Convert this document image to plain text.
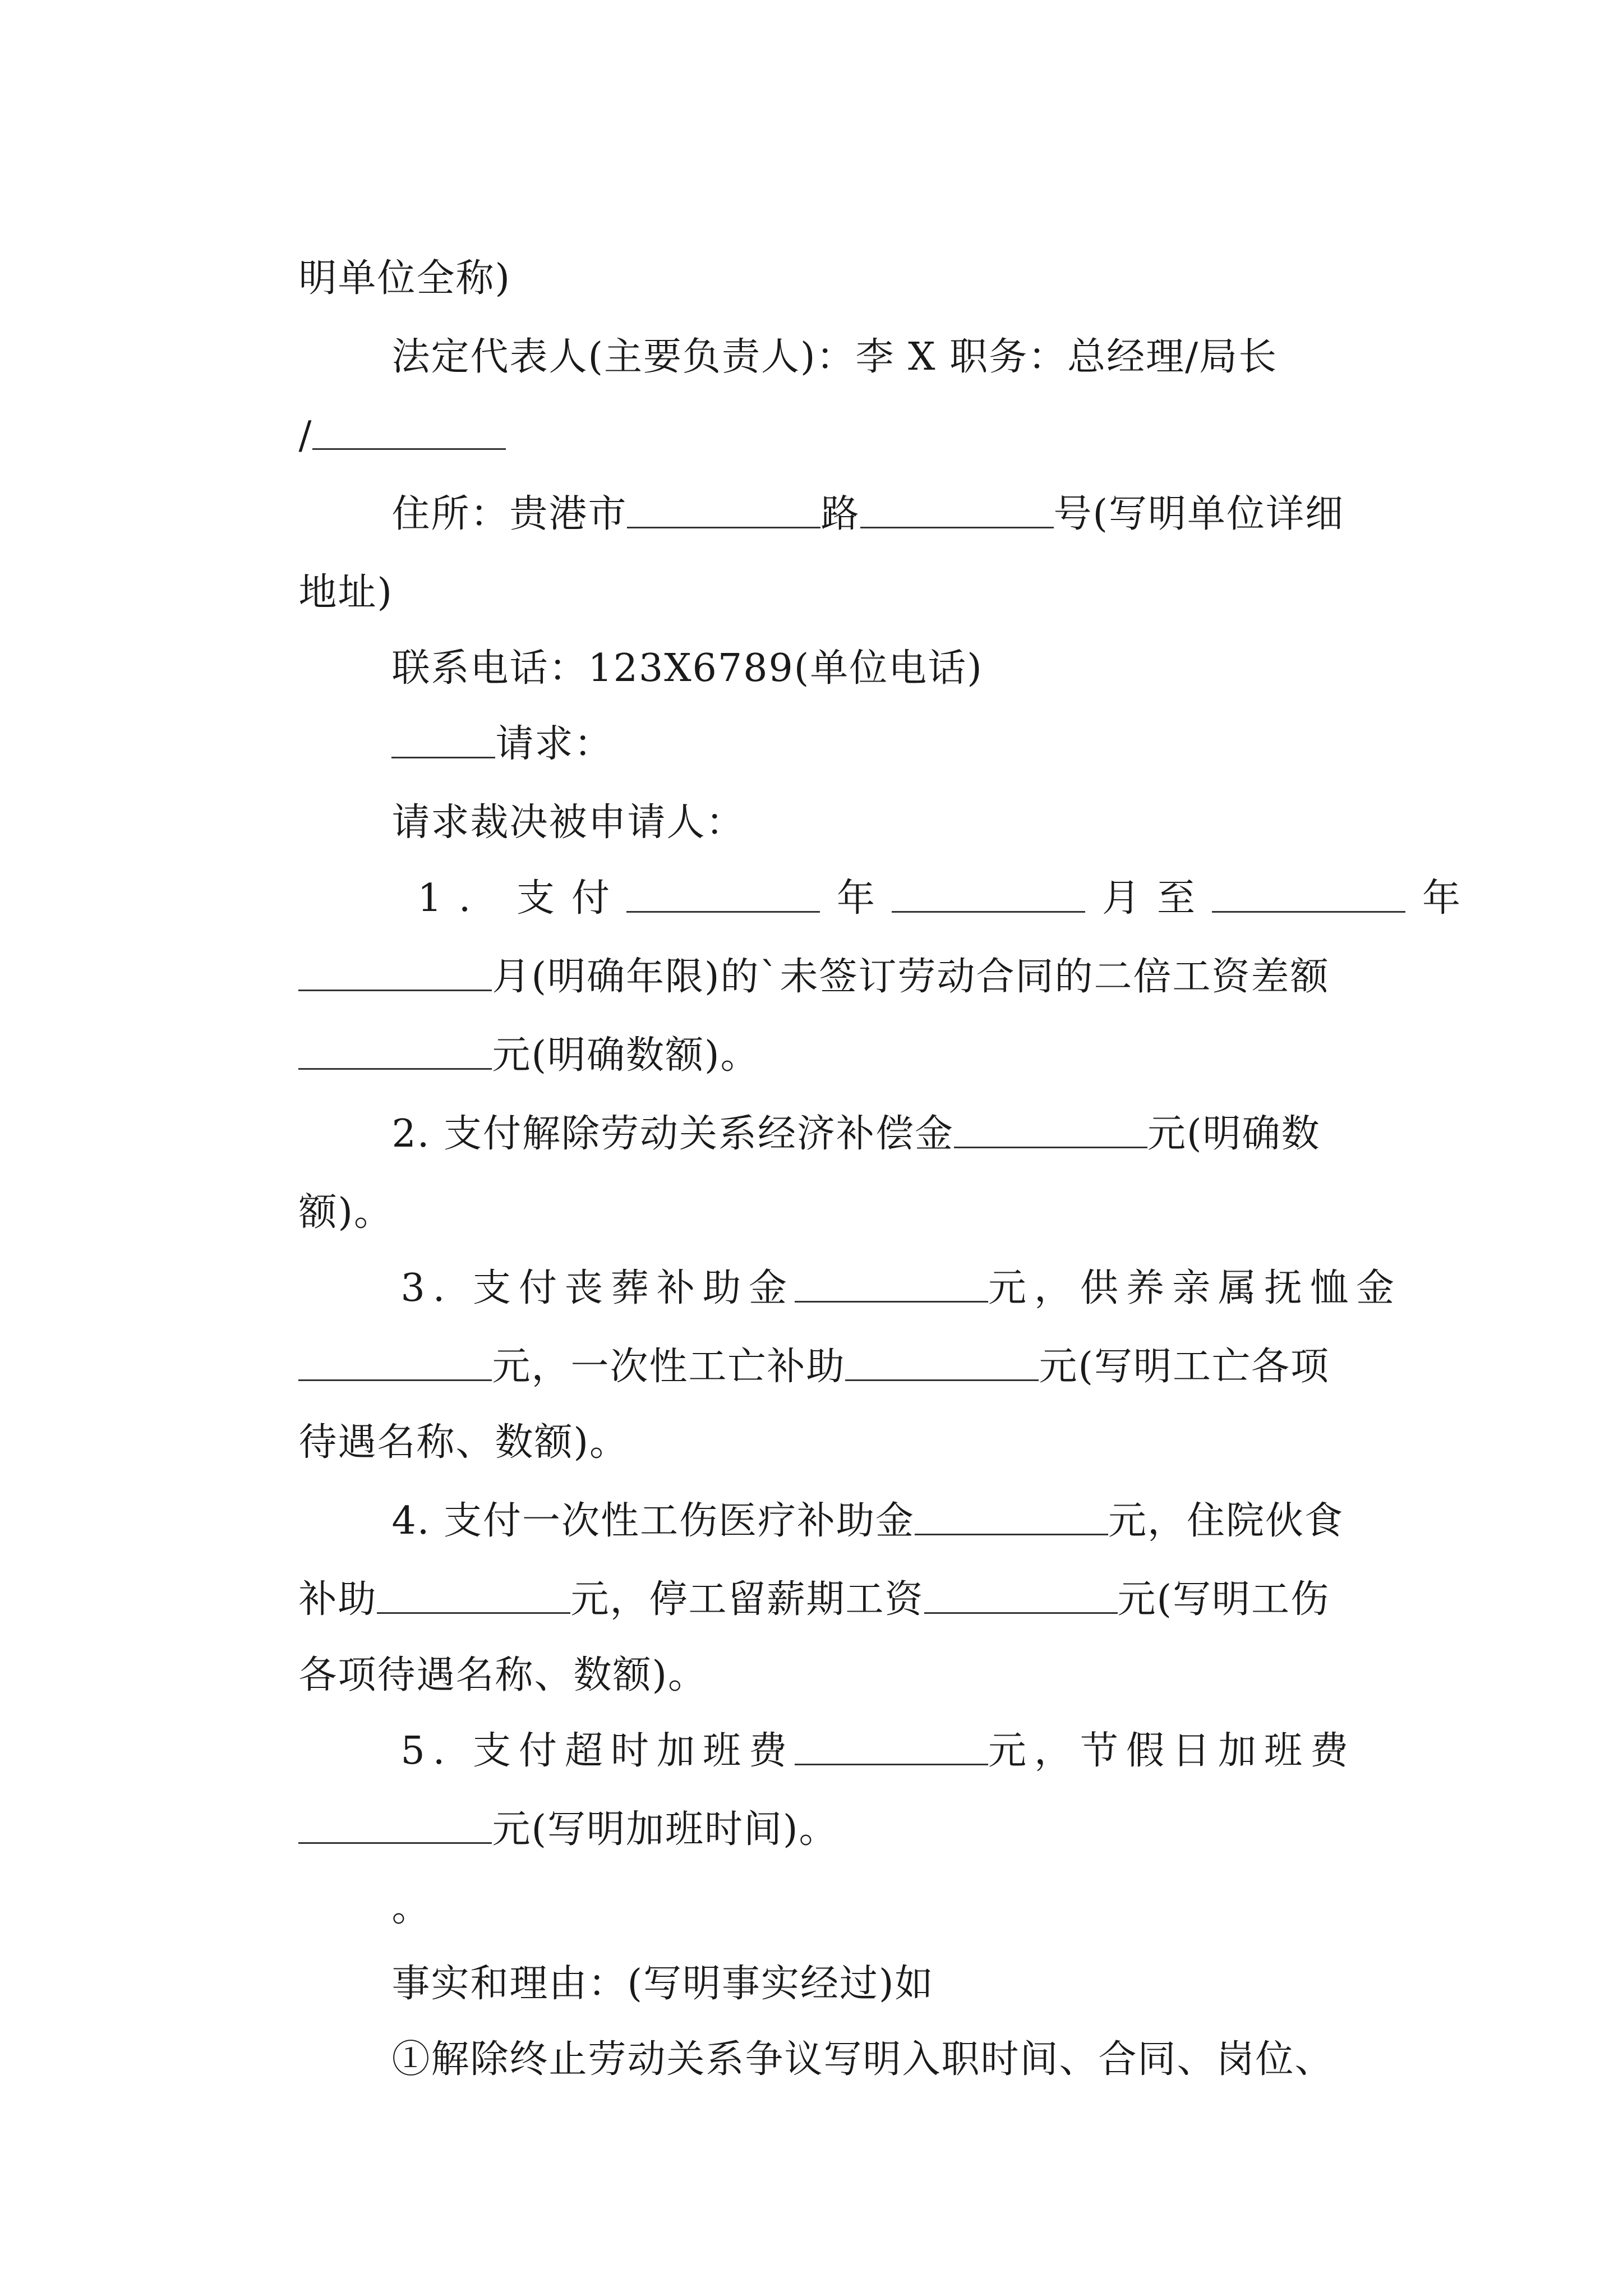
明单位全称)

法定代表人(主要负责人)：李 X 职务：总经理/局长

/

住所：贵港市	路	号(写明单位详细

地址)

联系电话：123X6789(单位电话)

请求：

请求裁决被申请人：

1. 支付	年	月至	年

月(明确年限)的`未签订劳动合同的二倍工资差额

元(明确数额)。

2. 支付解除劳动关系经济补偿金	元(明确数

额)。

3. 支付丧葬补助金	元，供养亲属抚恤金

元，一次性工亡补助	元(写明工亡各项

待遇名称、数额)。

4. 支付一次性工伤医疗补助金	元，住院伙食

补助	元，停工留薪期工资	元(写明工伤

各项待遇名称、数额)。

5. 支付超时加班费	元，节假日加班费

元(写明加班时间)。

。

事实和理由：(写明事实经过)如

①解除终止劳动关系争议写明入职时间、合同、岗位、
